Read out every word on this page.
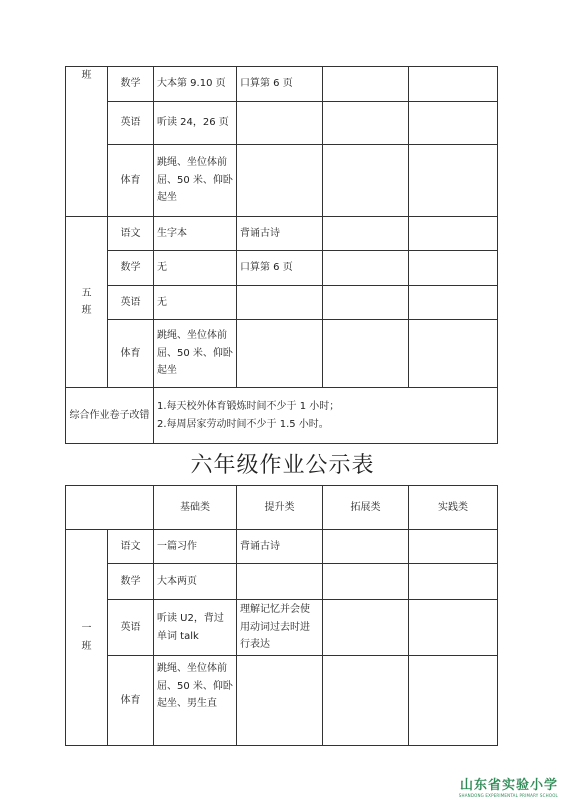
班	数学	大本第 9.10 页	口算第 6 页		
	英语	听读 24，26 页			
	体育	跳绳、坐位体前屈、50 米、仰卧起坐			
五班	语文	生字本	背诵古诗		
	数学	无	口算第 6 页		
	英语	无			
	体育	跳绳、坐位体前屈、50 米、仰卧起坐			
综合作业卷子改错		1.每天校外体育锻炼时间不少于 1 小时；
2.每周居家劳动时间不少于 1.5 小时。			
六年级作业公示表
		基础类	提升类	拓展类	实践类
一班	语文	一篇习作	背诵古诗		
	数学	大本两页			
	英语	听读 U2，背过单词 talk	理解记忆并会使用动词过去时进行表达		
	体育	跳绳、坐位体前屈、50 米、仰卧起坐、男生直			
山东省实验小学
SHANDONG EXPERIMENTAL PRIMARY SCHOOL
